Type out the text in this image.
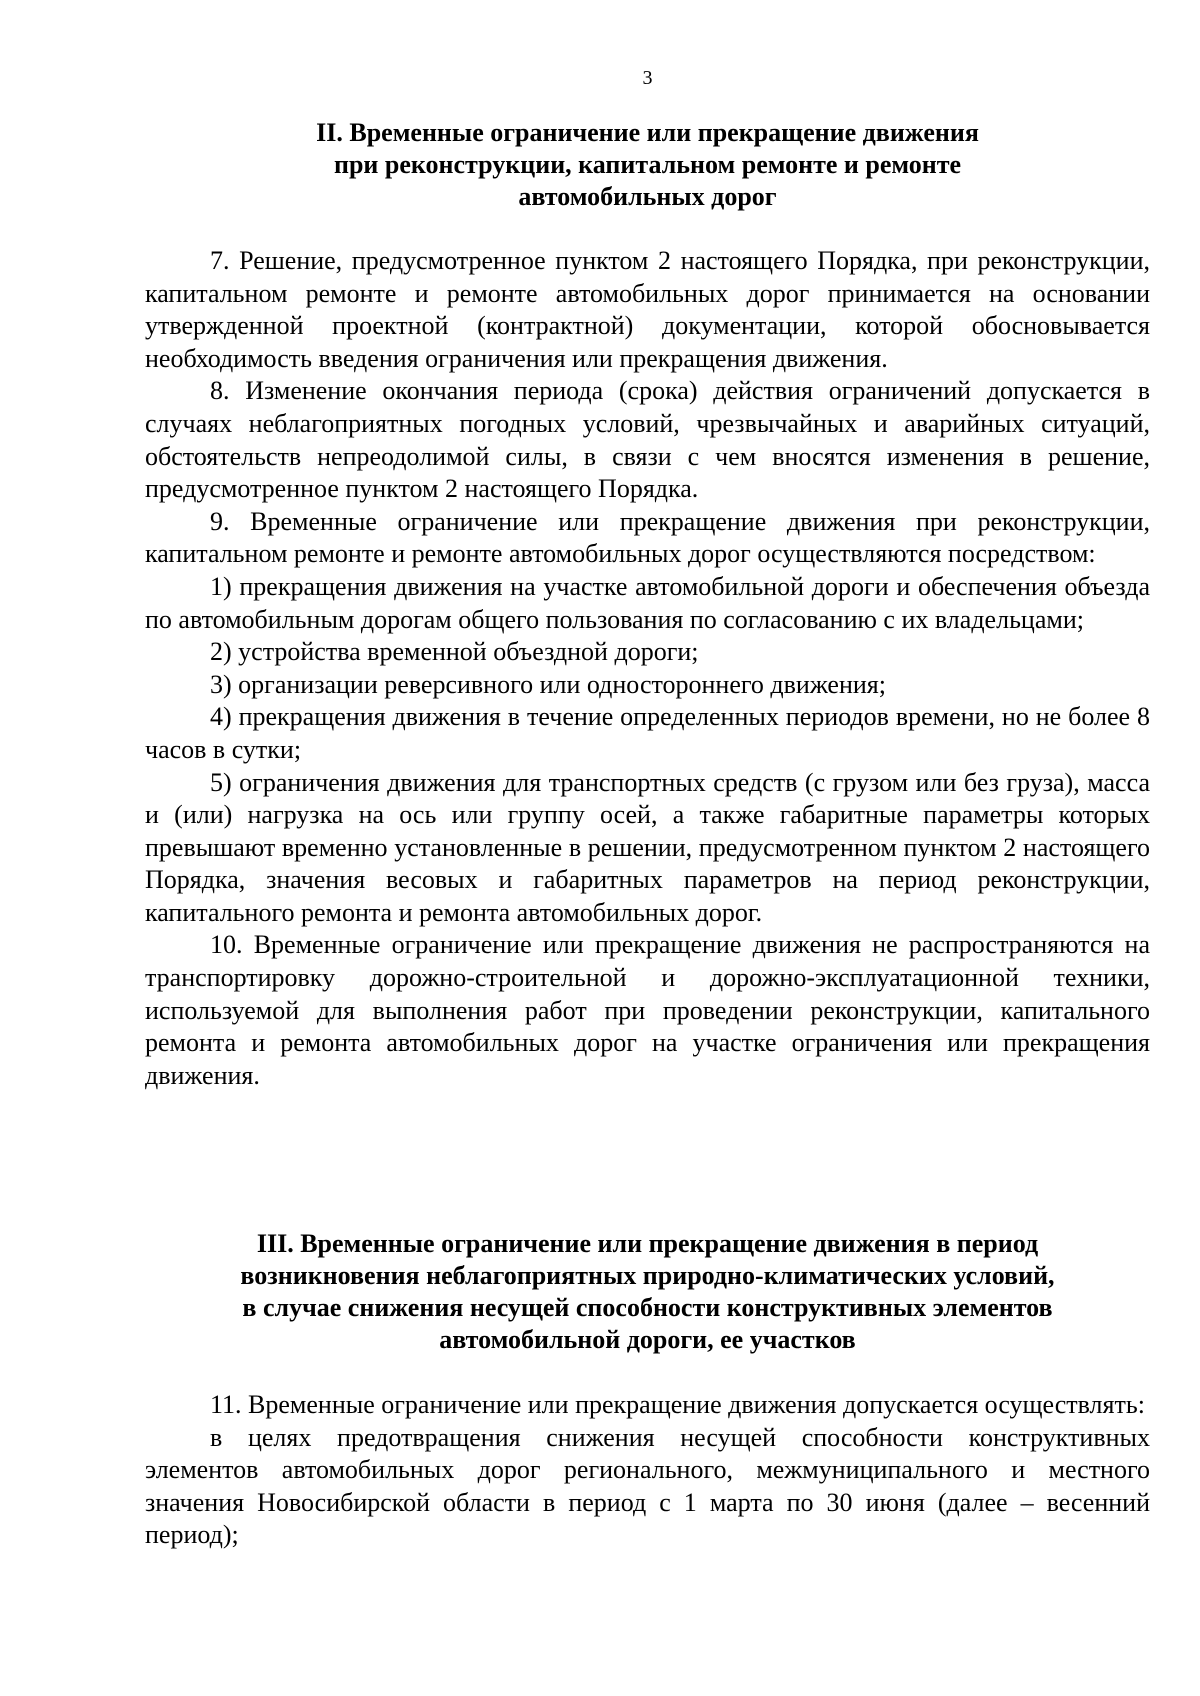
3
II. Временные ограничение или прекращение движения
при реконструкции, капитальном ремонте и ремонте
автомобильных дорог

7. Решение, предусмотренное пунктом 2 настоящего Порядка, при реконструкции, капитальном ремонте и ремонте автомобильных дорог принимается на основании утвержденной проектной (контрактной) документации, которой обосновывается необходимость введения ограничения или прекращения движения.

8. Изменение окончания периода (срока) действия ограничений допускается в случаях неблагоприятных погодных условий, чрезвычайных и аварийных ситуаций, обстоятельств непреодолимой силы, в связи с чем вносятся изменения в решение, предусмотренное пунктом 2 настоящего Порядка.

9. Временные ограничение или прекращение движения при реконструкции, капитальном ремонте и ремонте автомобильных дорог осуществляются посредством:

1) прекращения движения на участке автомобильной дороги и обеспечения объезда по автомобильным дорогам общего пользования по согласованию с их владельцами;

2) устройства временной объездной дороги;

3) организации реверсивного или одностороннего движения;

4) прекращения движения в течение определенных периодов времени, но не более 8 часов в сутки;

5) ограничения движения для транспортных средств (с грузом или без груза), масса и (или) нагрузка на ось или группу осей, а также габаритные параметры которых превышают временно установленные в решении, предусмотренном пунктом 2 настоящего Порядка, значения весовых и габаритных параметров на период реконструкции, капитального ремонта и ремонта автомобильных дорог.

10. Временные ограничение или прекращение движения не распространяются на транспортировку дорожно-строительной и дорожно-эксплуатационной техники, используемой для выполнения работ при проведении реконструкции, капитального ремонта и ремонта автомобильных дорог на участке ограничения или прекращения движения.

III. Временные ограничение или прекращение движения в период
возникновения неблагоприятных природно-климатических условий,
в случае снижения несущей способности конструктивных элементов
автомобильной дороги, ее участков

11. Временные ограничение или прекращение движения допускается осуществлять:

в целях предотвращения снижения несущей способности конструктивных элементов автомобильных дорог регионального, межмуниципального и местного значения Новосибирской области в период с 1 марта по 30 июня (далее – весенний период);
